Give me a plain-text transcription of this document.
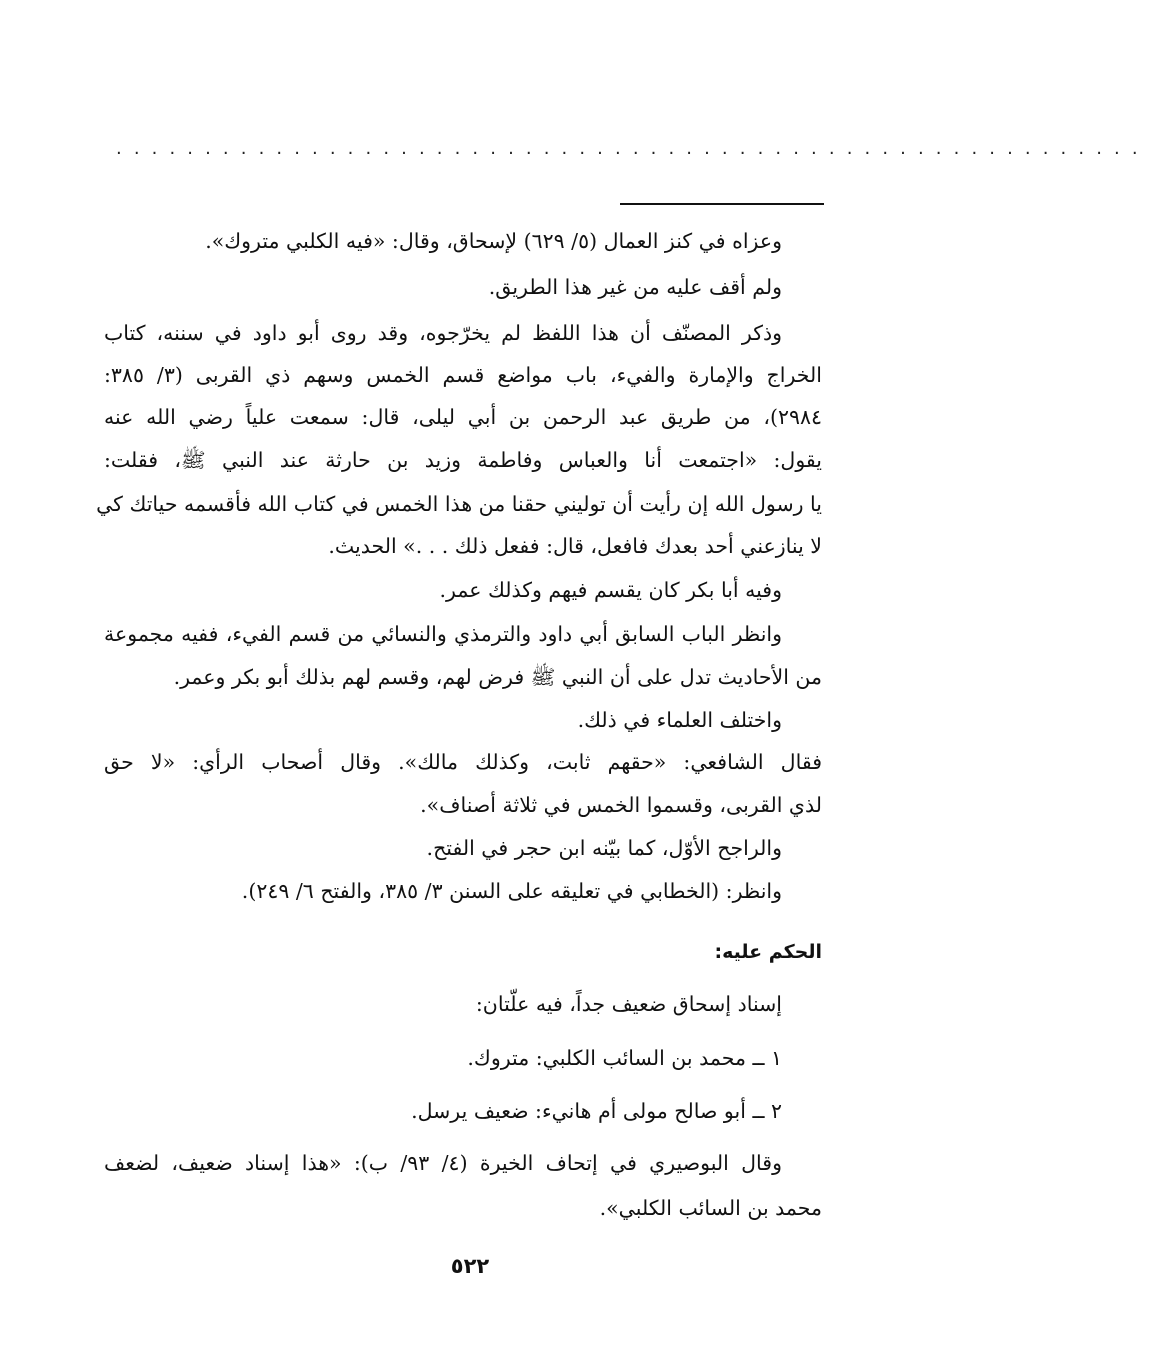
..........................................................
وعزاه في كنز العمال (٥/ ٦٢٩) لإسحاق، وقال: «فيه الكلبي متروك».
ولم أقف عليه من غير هذا الطريق.
وذكر المصنّف أن هذا اللفظ لم يخرّجوه، وقد روى أبو داود في سننه، كتاب
الخراج والإمارة والفيء، باب مواضع قسم الخمس وسهم ذي القربى (٣/ ٣٨٥:
٢٩٨٤)، من طريق عبد الرحمن بن أبي ليلى، قال: سمعت علياً رضي الله عنه
يقول: «اجتمعت أنا والعباس وفاطمة وزيد بن حارثة عند النبي ﷺ، فقلت:
يا رسول الله إن رأيت أن توليني حقنا من هذا الخمس في كتاب الله فأقسمه حياتك كي
لا ينازعني أحد بعدك فافعل، قال: ففعل ذلك . . .» الحديث.
وفيه أبا بكر كان يقسم فيهم وكذلك عمر.
وانظر الباب السابق أبي داود والترمذي والنسائي من قسم الفيء، ففيه مجموعة
من الأحاديث تدل على أن النبي ﷺ فرض لهم، وقسم لهم بذلك أبو بكر وعمر.
واختلف العلماء في ذلك.
فقال الشافعي: «حقهم ثابت، وكذلك مالك». وقال أصحاب الرأي: «لا حق
لذي القربى، وقسموا الخمس في ثلاثة أصناف».
والراجح الأوّل، كما بيّنه ابن حجر في الفتح.
وانظر: (الخطابي في تعليقه على السنن ٣/ ٣٨٥، والفتح ٦/ ٢٤٩).
الحكم عليه:
إسناد إسحاق ضعيف جداً، فيه علّتان:
١ ــ محمد بن السائب الكلبي: متروك.
٢ ــ أبو صالح مولى أم هانيء: ضعيف يرسل.
وقال البوصيري في إتحاف الخيرة (٤/ ٩٣/ ب): «هذا إسناد ضعيف، لضعف
محمد بن السائب الكلبي».
٥٢٢
